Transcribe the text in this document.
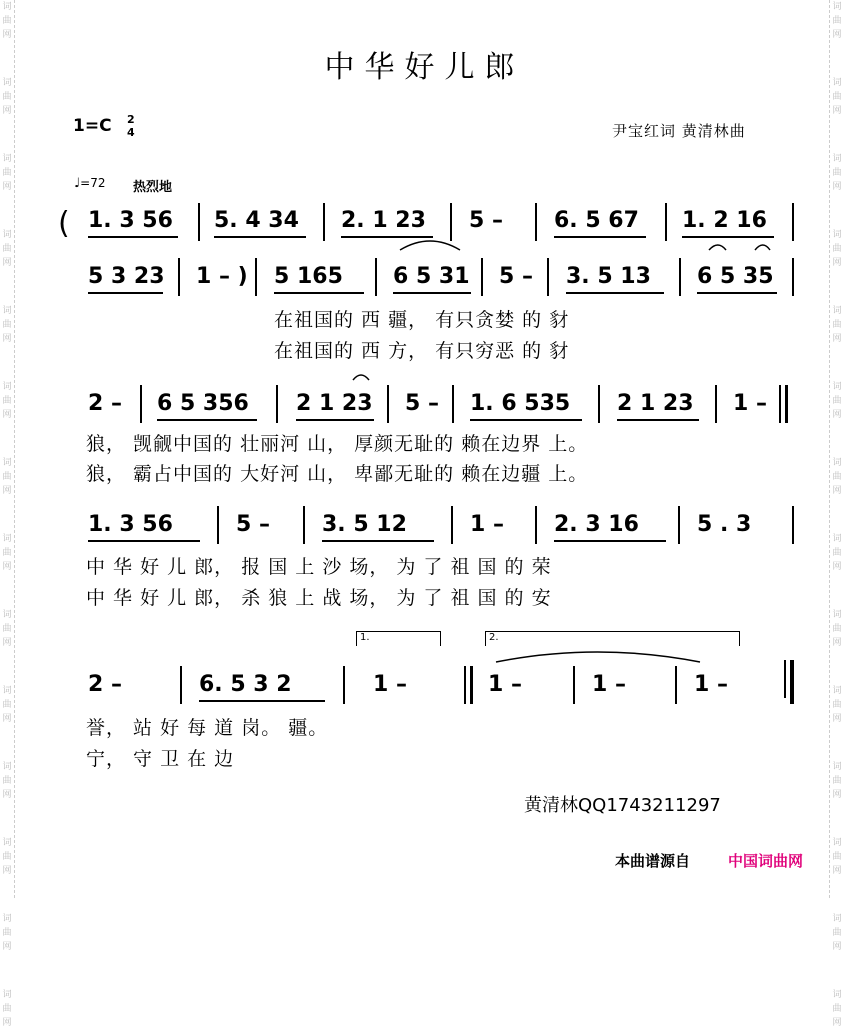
词
曲
网
词
曲
网
词
曲
网
词
曲
网
词
曲
网
词
曲
网
词
曲
网
词
曲
网
词
曲
网
词
曲
网
词
曲
网
词
曲
网
词
曲
网
词
曲
网
词
曲
网
词
曲
网
词
曲
网
词
曲
网
词
曲
网
词
曲
网
词
曲
网
词
曲
网
词
曲
网
词
曲
网
词
曲
网
词
曲
网
词
曲
网
词
曲
网
中华好儿郎
1=C 2
4	尹宝红词 黄清林曲
♩=72 热烈地
( 1. 3 56 5. 4 34 2. 1 23 5 – 6. 5 67 1. 2 16
5 3 23 1 – ) 5 165 6 5 31 5 – 3. 5 13 6 5 35
在祖国的 西 疆， 有只贪婪 的 豺
在祖国的 西 方， 有只穷恶 的 豺
2 – 6 5 356 2 1 23 5 – 1. 6 535 2 1 23 1 –
狼， 觊觎中国的 壮丽河 山， 厚颜无耻的 赖在边界 上。
狼， 霸占中国的 大好河 山， 卑鄙无耻的 赖在边疆 上。
1. 3 56	5 – 3. 5 12	1 – 2. 3 16	5 . 3
中 华 好 儿 郎， 报 国 上 沙 场， 为 了 祖 国 的 荣
中 华 好 儿 郎， 杀 狼 上 战 场， 为 了 祖 国 的 安
1.	2.
2 –	6. 5 3 2	1 –	1 –	1 –	1 –
誉， 站 好 每 道 岗。 疆。
宁， 守 卫 在 边
黄清林QQ1743211297
本曲谱源自	中国词曲网
